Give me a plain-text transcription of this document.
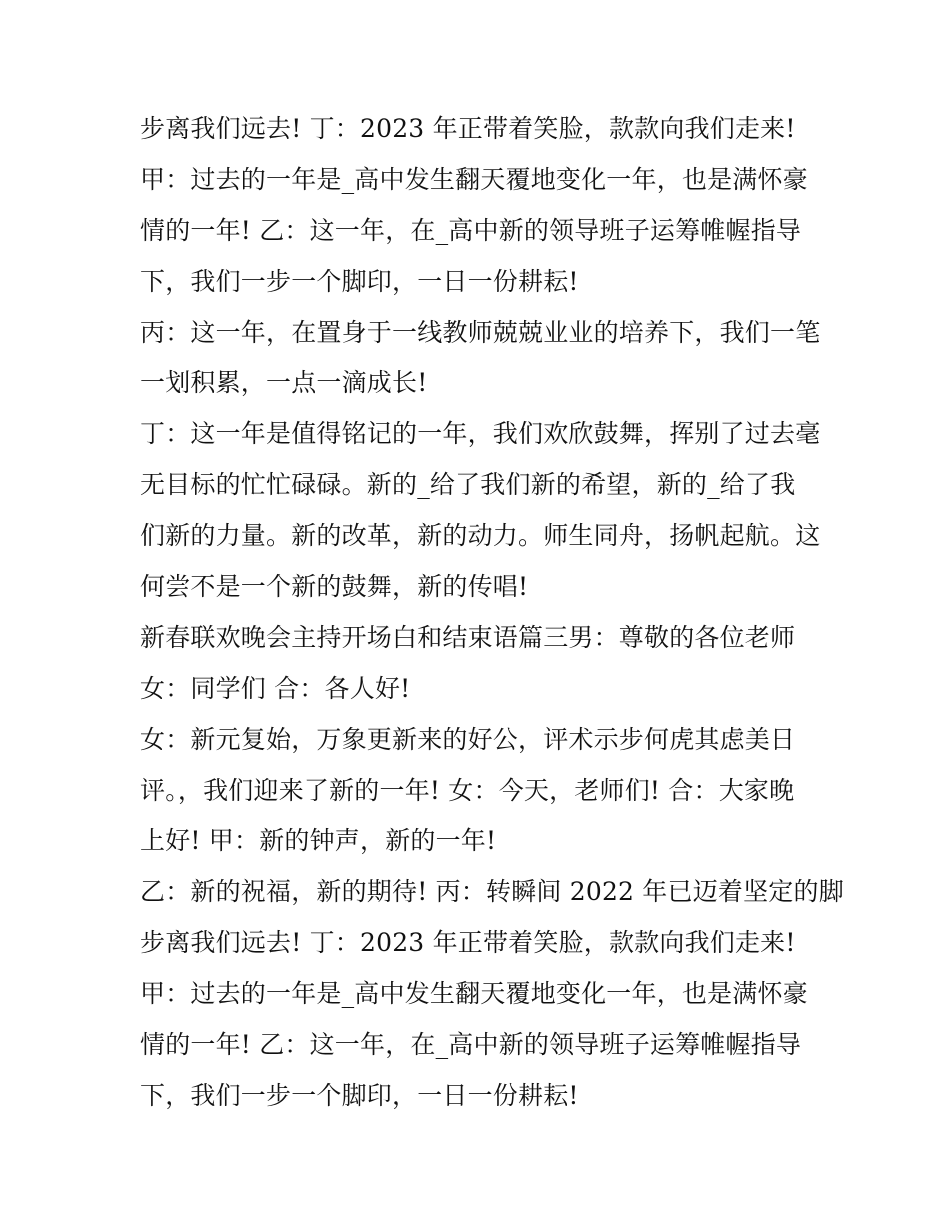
步离我们远去! 丁：2023 年正带着笑脸，款款向我们走来!
甲：过去的一年是_高中发生翻天覆地变化一年，也是满怀豪
情的一年! 乙：这一年，在_高中新的领导班子运筹帷幄指导
下，我们一步一个脚印，一日一份耕耘!
丙：这一年，在置身于一线教师兢兢业业的培养下，我们一笔
一划积累，一点一滴成长!
丁：这一年是值得铭记的一年，我们欢欣鼓舞，挥别了过去毫
无目标的忙忙碌碌。新的_给了我们新的希望，新的_给了我
们新的力量。新的改革，新的动力。师生同舟，扬帆起航。这
何尝不是一个新的鼓舞，新的传唱!
新春联欢晚会主持开场白和结束语篇三男：尊敬的各位老师
女：同学们 合：各人好!
女：新元复始，万象更新来的好公，评术示步何虎其虑美日
评。，我们迎来了新的一年! 女：今天，老师们! 合：大家晚
上好! 甲：新的钟声，新的一年!
乙：新的祝福，新的期待! 丙：转瞬间 2022 年已迈着坚定的脚
步离我们远去! 丁：2023 年正带着笑脸，款款向我们走来!
甲：过去的一年是_高中发生翻天覆地变化一年，也是满怀豪
情的一年! 乙：这一年，在_高中新的领导班子运筹帷幄指导
下，我们一步一个脚印，一日一份耕耘!
